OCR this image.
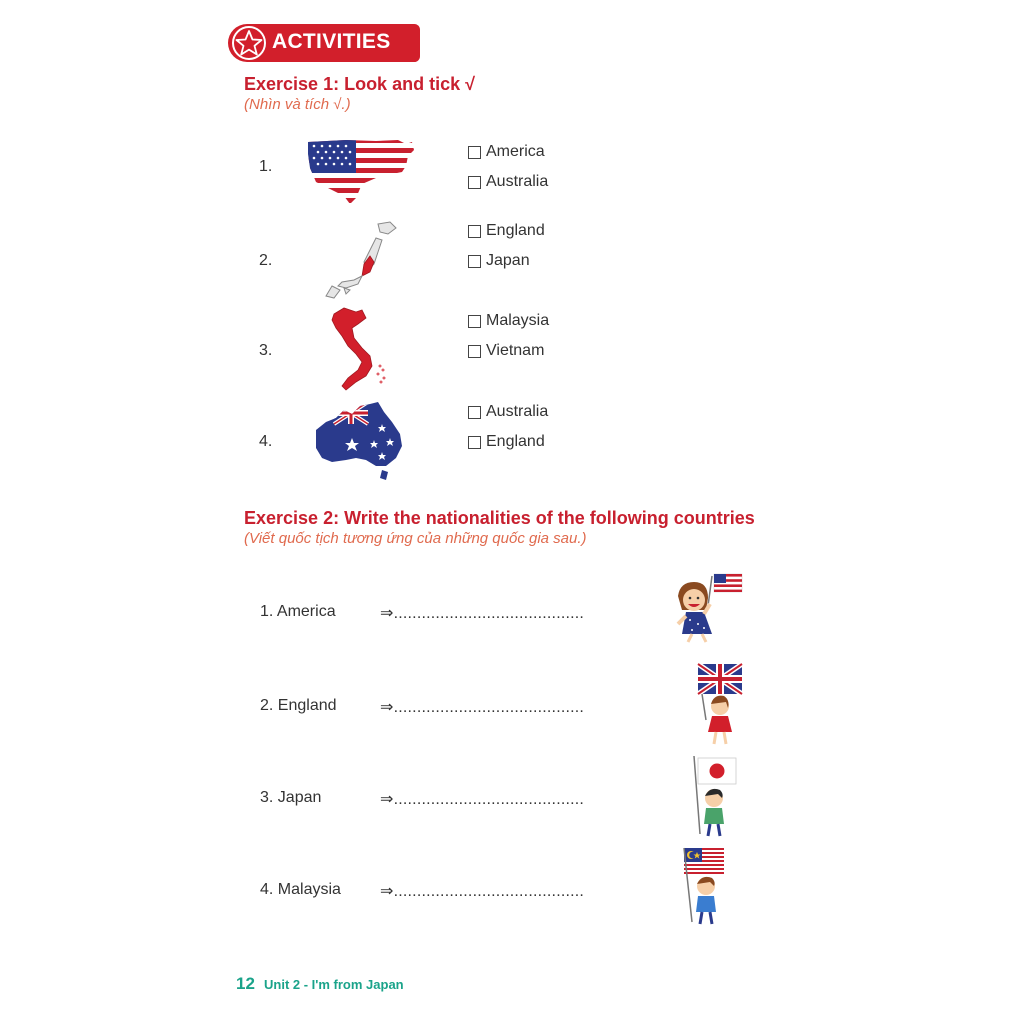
ACTIVITIES
Exercise 1: Look and tick √
(Nhìn và tích √.)
1.
America
Australia
2.
England
Japan
3.
Malaysia
Vietnam
4.
Australia
England
Exercise 2: Write the nationalities of the following countries
(Viết quốc tịch tương ứng của những quốc gia sau.)
1. America	⇒.........................................
2. England	⇒.........................................
3. Japan	⇒.........................................
4. Malaysia ⇒.........................................
12 Unit 2 - I'm from Japan
